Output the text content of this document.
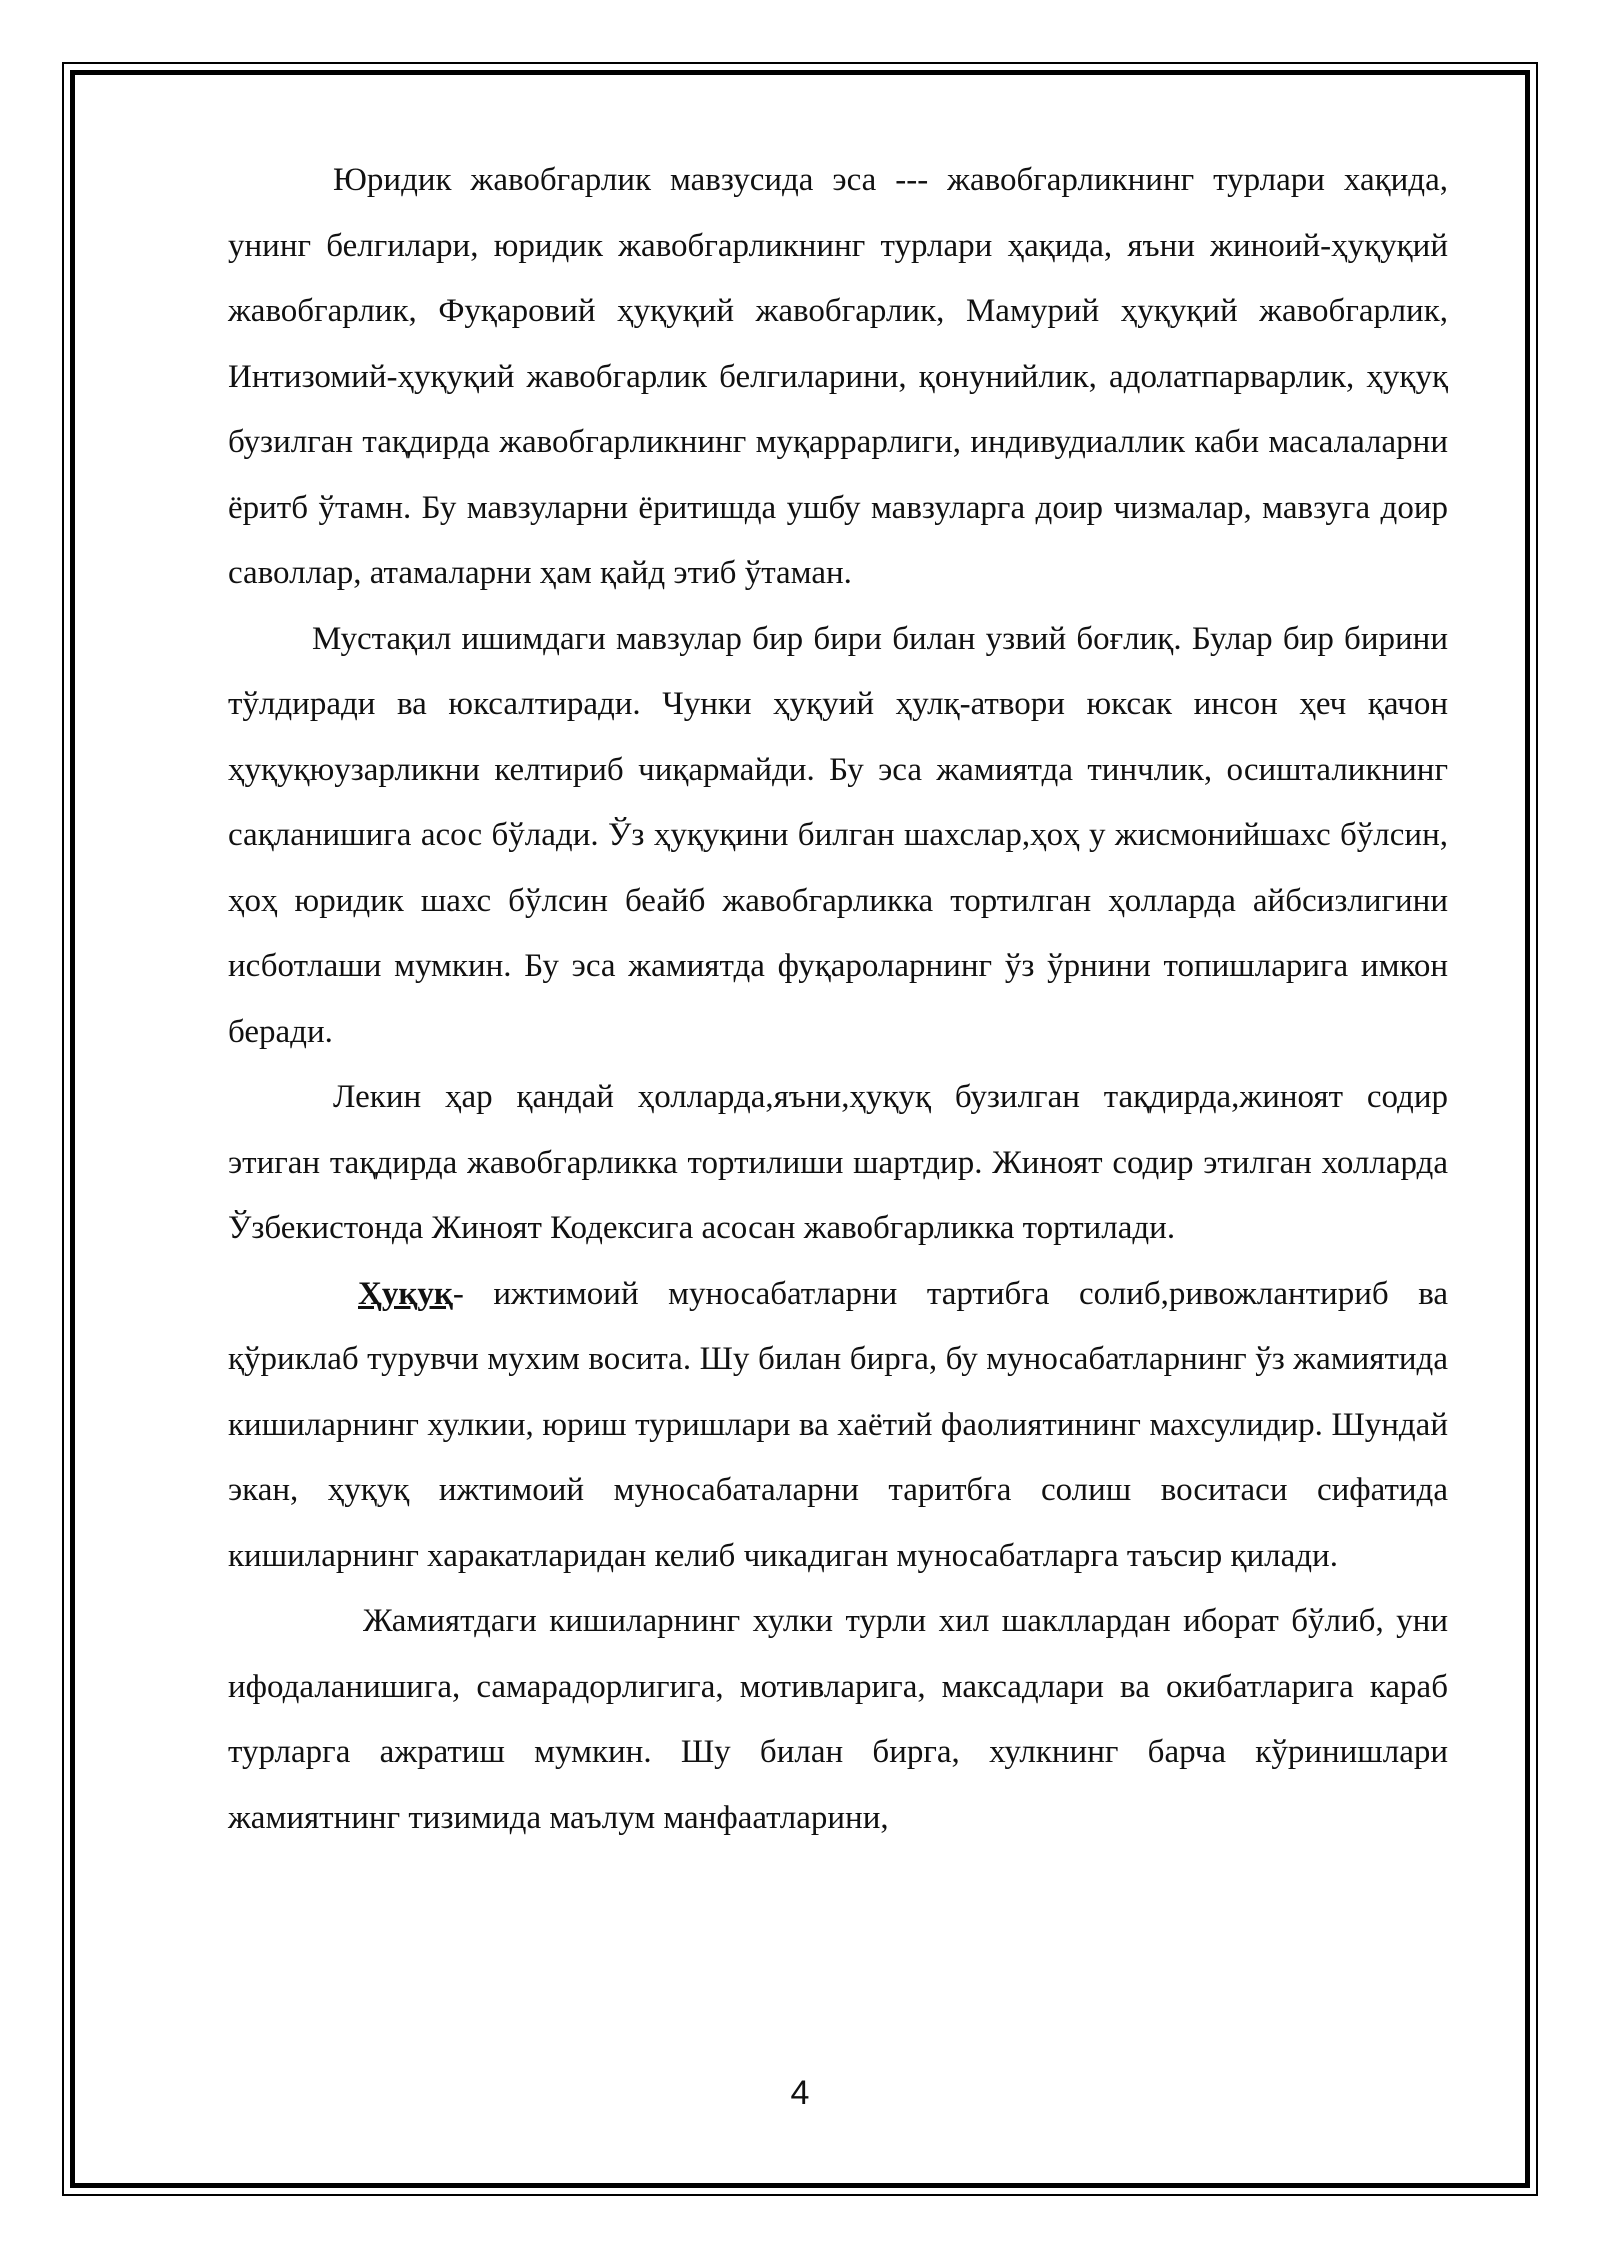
Юридик жавобгарлик мавзусида эса --- жавобгарликнинг турлари хақида, унинг белгилари, юридик жавобгарликнинг турлари ҳақида, яъни жиноий-ҳуқуқий жавобгарлик, Фуқаровий ҳуқуқий жавобгарлик, Мамурий ҳуқуқий жавобгарлик, Интизомий-ҳуқуқий жавобгарлик белгиларини, қонунийлик, адолатпарварлик, ҳуқуқ бузилган тақдирда жавобгарликнинг муқаррарлиги, индивудиаллик каби масалаларни ёритб ўтамн. Бу мавзуларни ёритишда ушбу мавзуларга доир чизмалар, мавзуга доир саволлар, атамаларни ҳам қайд этиб ўтаман.

Мустақил ишимдаги мавзулар бир бири билан узвий боғлиқ. Булар бир бирини тўлдиради ва юксалтиради. Чунки ҳуқуий ҳулқ-атвори юксак инсон ҳеч қачон ҳуқуқюузарликни келтириб чиқармайди. Бу эса жамиятда тинчлик, осишталикнинг сақланишига асос бўлади. Ўз ҳуқуқини билган шахслар,ҳоҳ у жисмонийшахс бўлсин, ҳоҳ юридик шахс бўлсин беайб жавобгарликка тортилган ҳолларда айбсизлигини исботлаши мумкин. Бу эса жамиятда фуқароларнинг ўз ўрнини топишларига имкон беради.

Лекин ҳар қандай ҳолларда,яъни,ҳуқуқ бузилган тақдирда,жиноят содир этиган тақдирда жавобгарликка тортилиши шартдир. Жиноят содир этилган холларда Ўзбекистонда Жиноят Кодексига асосан жавобгарликка тортилади.

Ҳуқуқ- ижтимоий муносабатларни тартибга солиб,ривожлантириб ва қўриклаб турувчи мухим восита. Шу билан бирга, бу муносабатларнинг ўз жамиятида кишиларнинг хулкии, юриш туришлари ва хаётий фаолиятининг махсулидир. Шундай экан, ҳуқуқ ижтимоий муносабаталарни таритбга солиш воситаси сифатида кишиларнинг харакатларидан келиб чикадиган муносабатларга таъсир қилади.

Жамиятдаги кишиларнинг хулки турли хил шакллардан иборат бўлиб, уни ифодаланишига, самарадорлигига, мотивларига, максадлари ва окибатларига караб турларга ажратиш мумкин. Шу билан бирга, хулкнинг барча кўринишлари жамиятнинг тизимида маълум манфаатларини,

4
